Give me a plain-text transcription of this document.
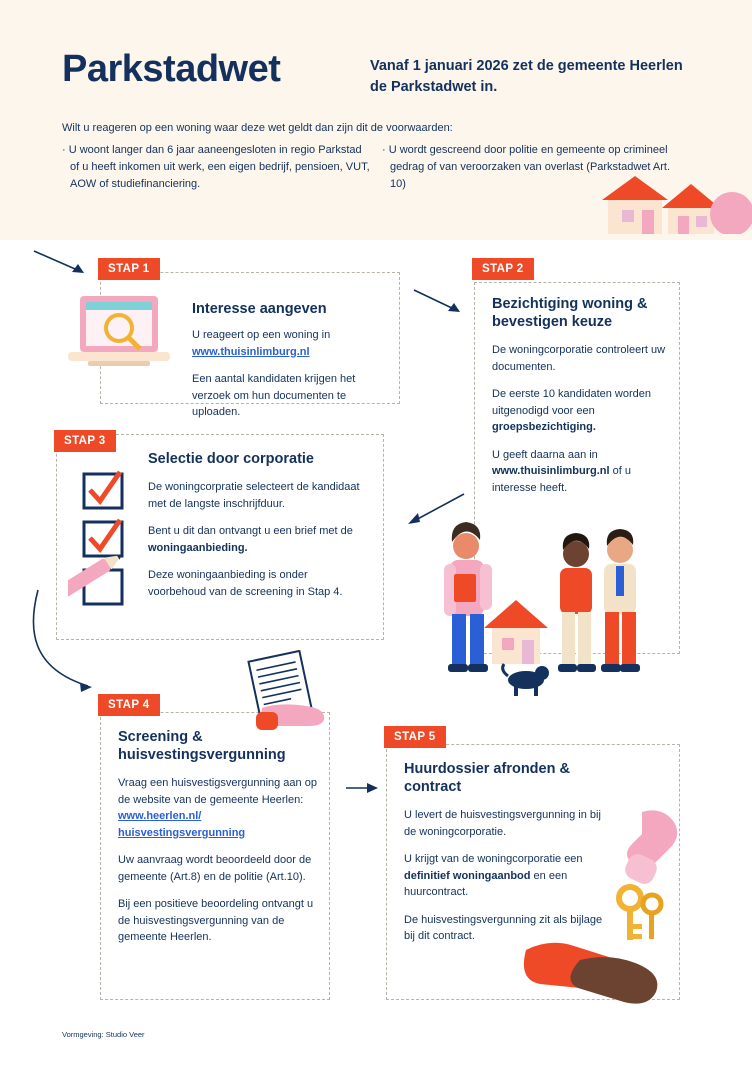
Parkstadwet	Vanaf 1 januari 2026 zet de gemeente Heerlen de Parkstadwet in.
Wilt u reageren op een woning waar deze wet geldt dan zijn dit de voorwaarden:
· U woont langer dan 6 jaar aaneengesloten in regio Parkstad of u heeft inkomen uit werk, een eigen bedrijf, pensioen, VUT, AOW of studiefinanciering.
· U wordt gescreend door politie en gemeente op crimineel gedrag of van veroorzaken van overlast (Parkstadwet Art. 10)
STAP 1
Interesse aangeven
U reageert op een woning in www.thuisinlimburg.nl
Een aantal kandidaten krijgen het verzoek om hun documenten te uploaden.
STAP 2
Bezichtiging woning & bevestigen keuze
De woningcorporatie controleert uw documenten.
De eerste 10 kandidaten worden uitgenodigd voor een groepsbezichtiging.
U geeft daarna aan in www.thuisinlimburg.nl of u interesse heeft.
STAP 3
Selectie door corporatie
De woningcorpratie selecteert de kandidaat met de langste inschrijfduur.
Bent u dit dan ontvangt u een brief met de woningaanbieding.
Deze woningaanbieding is onder voorbehoud van de screening in Stap 4.
STAP 4
Screening & huisvestingsvergunning
Vraag een huisvestigsvergunning aan op de website van de gemeente Heerlen: www.heerlen.nl/ huisvestingsvergunning
Uw aanvraag wordt beoordeeld door de gemeente (Art.8) en de politie (Art.10).
Bij een positieve beoordeling ontvangt u de huisvestingsvergunning van de gemeente Heerlen.
STAP 5
Huurdossier afronden & contract
U levert de huisvestingsvergunning in bij de woningcorporatie.
U krijgt van de woningcorporatie een definitief woningaanbod en een huurcontract.
De huisvestingsvergunning zit als bijlage bij dit contract.
Vormgeving: Studio Veer
